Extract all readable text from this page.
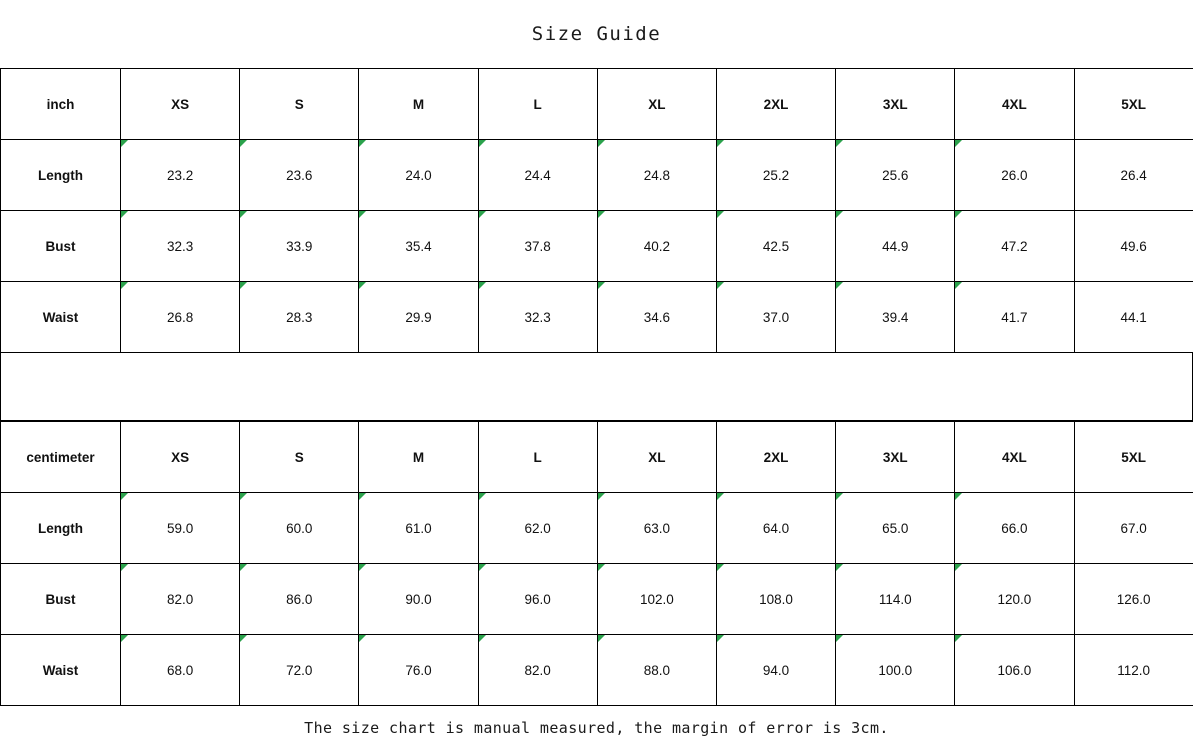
Size Guide
inch	XS	S	M	L	XL	2XL	3XL	4XL	5XL
Length	23.2	23.6	24.0	24.4	24.8	25.2	25.6	26.0	26.4
Bust	32.3	33.9	35.4	37.8	40.2	42.5	44.9	47.2	49.6
Waist	26.8	28.3	29.9	32.3	34.6	37.0	39.4	41.7	44.1
centimeter	XS	S	M	L	XL	2XL	3XL	4XL	5XL
Length	59.0	60.0	61.0	62.0	63.0	64.0	65.0	66.0	67.0
Bust	82.0	86.0	90.0	96.0	102.0	108.0	114.0	120.0	126.0
Waist	68.0	72.0	76.0	82.0	88.0	94.0	100.0	106.0	112.0
The size chart is manual measured, the margin of error is 3cm.
